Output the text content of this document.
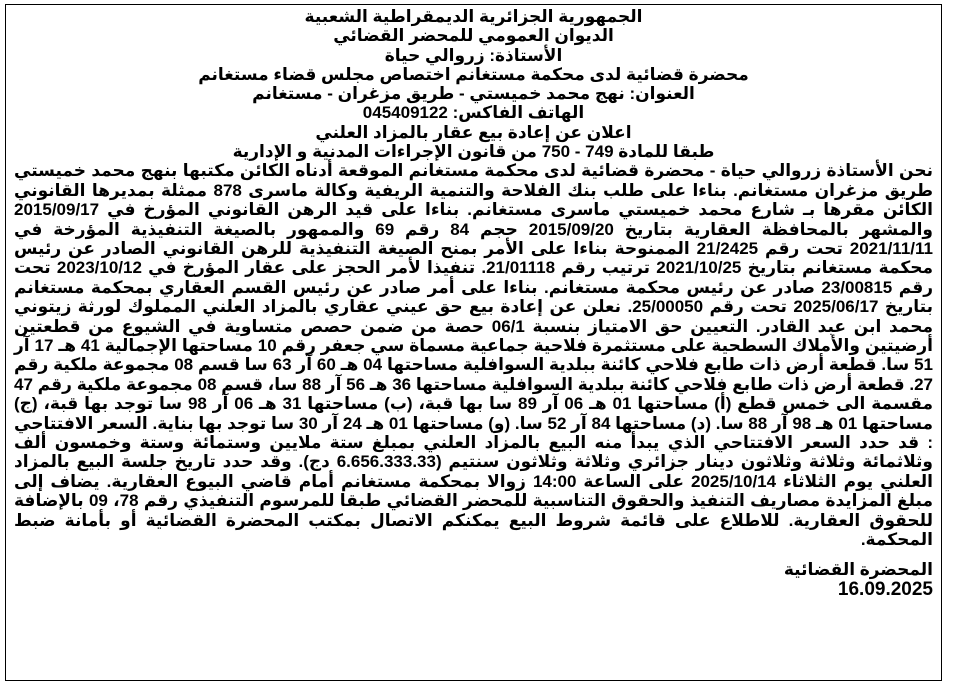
الجمهورية الجزائرية الديمقراطية الشعبية
الديوان العمومي للمحضر القضائي
الأستاذة: زروالي حياة
محضرة قضائية لدى محكمة مستغانم اختصاص مجلس قضاء مستغانم
العنوان: نهج محمد خميستي - طريق مزغران - مستغانم
الهاتف الفاكس: 045409122
اعلان عن إعادة بيع عقار بالمزاد العلني
طبقا للمادة 749 - 750 من قانون الإجراءات المدنية و الإدارية

نحن الأستاذة زروالي حياة - محضرة قضائية لدى محكمة مستغانم الموقعة أدناه الكائن مكتبها بنهج محمد خميستي طريق مزغران مستغانم. بناءا على طلب بنك الفلاحة والتنمية الريفية وكالة ماسرى 878 ممثلة بمديرها القانوني الكائن مقرها بـ شارع محمد خميستي ماسرى مستغانم. بناءا على قيد الرهن القانوني المؤرخ في 2015/09/17 والمشهر بالمحافظة العقارية بتاريخ 2015/09/20 حجم 84 رقم 69 والممهور بالصيغة التنفيذية المؤرخة في 2021/11/11 تحت رقم 21/2425 الممنوحة بناءا على الأمر بمنح الصيغة التنفيذية للرهن القانوني الصادر عن رئيس محكمة مستغانم بتاريخ 2021/10/25 ترتيب رقم 21/01118. تنفيذا لأمر الحجز على عقار المؤرخ في 2023/10/12 تحت رقم 23/00815 صادر عن رئيس محكمة مستغانم. بناءا على أمر صادر عن رئيس القسم العقاري بمحكمة مستغانم بتاريخ 2025/06/17 تحت رقم 25/00050. نعلن عن إعادة بيع حق عيني عقاري بالمزاد العلني المملوك لورثة زيتوني محمد ابن عبد القادر. التعيين حق الامتياز بنسبة 06/1 حصة من ضمن حصص متساوية في الشيوع من قطعتين أرضيتين والأملاك السطحية على مستثمرة فلاحية جماعية مسماة سي جعفر رقم 10 مساحتها الإجمالية 41 هـ 17 آر 51 سا. قطعة أرض ذات طابع فلاحي كائنة ببلدية السوافلية مساحتها 04 هـ 60 آر 63 سا قسم 08 مجموعة ملكية رقم 27. قطعة أرض ذات طابع فلاحي كائنة ببلدية السوافلية مساحتها 36 هـ 56 آر 88 سا، قسم 08 مجموعة ملكية رقم 47 مقسمة الى خمس قطع (أ) مساحتها 01 هـ 06 آر 89 سا بها قبة، (ب) مساحتها 31 هـ 06 آر 98 سا توجد بها قبة، (ج) مساحتها 01 هـ 98 آر 88 سا. (د) مساحتها 84 آر 52 سا. (و) مساحتها 01 هـ 24 آر 30 سا توجد بها بناية. السعر الافتتاحي : قد حدد السعر الافتتاحي الذي يبدأ منه البيع بالمزاد العلني بمبلغ ستة ملايين وستمائة وستة وخمسون ألف وثلاثمائة وثلاثة وثلاثون دينار جزائري وثلاثة وثلاثون سنتيم (6.656.333.33 دج). وقد حدد تاريخ جلسة البيع بالمزاد العلني يوم الثلاثاء 2025/10/14 على الساعة 14:00 زوالا بمحكمة مستغانم أمام قاضي البيوع العقارية. يضاف إلى مبلغ المزايدة مصاريف التنفيذ والحقوق التناسبية للمحضر القضائي طبقا للمرسوم التنفيذي رقم 78، 09 بالإضافة للحقوق العقارية. للاطلاع على قائمة شروط البيع يمكنكم الاتصال بمكتب المحضرة القضائية أو بأمانة ضبط المحكمة.

المحضرة القضائية
16.09.2025
